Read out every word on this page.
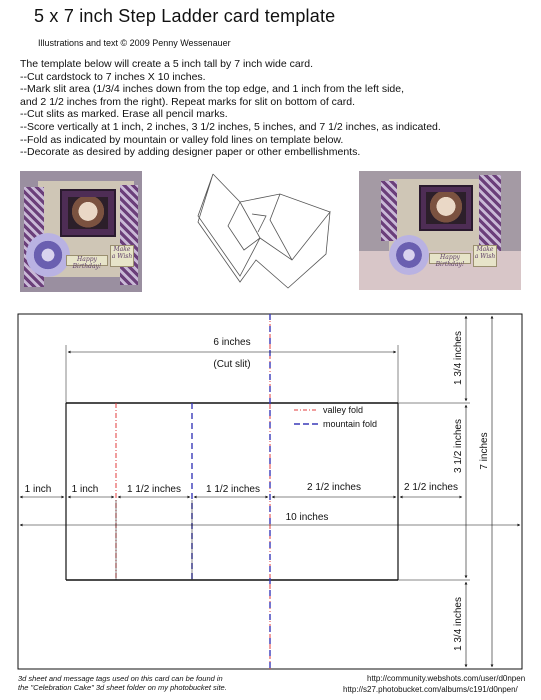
5 x 7 inch Step Ladder card template
Illustrations and text © 2009 Penny Wessenauer
The template below will create a 5 inch tall by 7 inch wide card.
--Cut cardstock to 7 inches X 10 inches.
--Mark slit area (1/3/4 inches down from the top edge, and 1 inch from the left side,
and 2 1/2 inches from the right). Repeat marks for slit on bottom of card.
--Cut slits as marked. Erase all pencil marks.
--Score vertically at 1 inch, 2 inches, 3 1/2 inches, 5 inches, and 7 1/2 inches, as indicated.
--Fold as indicated by mountain or valley fold lines on template below.
--Decorate as desired by adding designer paper or other embellishments.
Happy Birthday!
Make a Wish	Happy Birthday!
Make a Wish
valley fold
mountain fold
6 inches
(Cut slit)
1 inch 1 inch	1 1/2 inches	1 1/2 inches	2 1/2 inches	2 1/2 inches
10 inches
1 3/4 inches
3 1/2 inches
1 3/4 inches
7 inches
3d sheet and message tags used on this card can be found in
the "Celebration Cake" 3d sheet folder on my photobucket site.
http://community.webshots.com/user/d0npen
http://s27.photobucket.com/albums/c191/d0npen/
